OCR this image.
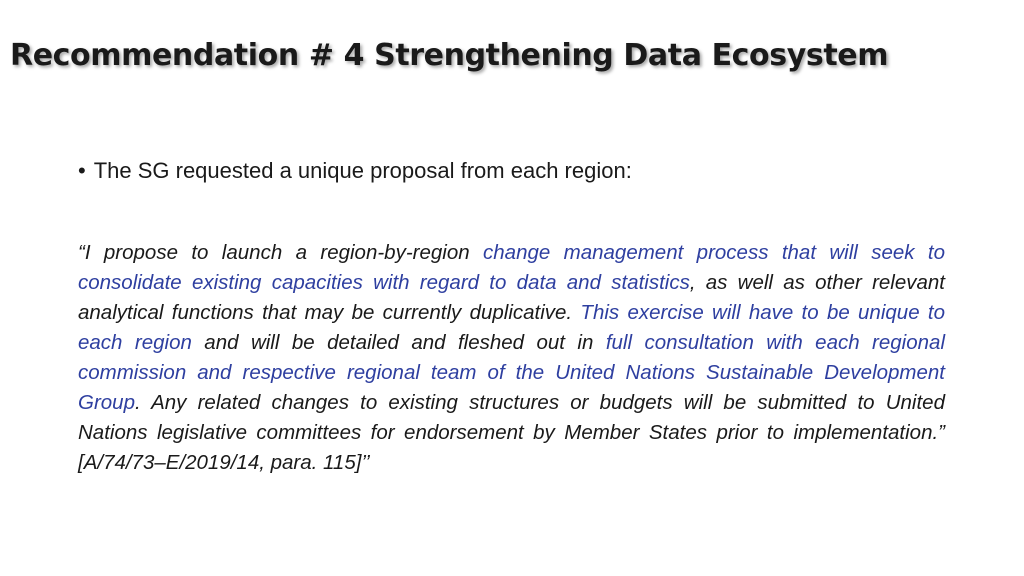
Recommendation # 4 Strengthening Data Ecosystem
• The SG requested a unique proposal from each region:

“I propose to launch a region-by-region change management process that will seek to consolidate existing capacities with regard to data and statistics, as well as other relevant analytical functions that may be currently duplicative. This exercise will have to be unique to each region and will be detailed and fleshed out in full consultation with each regional commission and respective regional team of the United Nations Sustainable Development Group. Any related changes to existing structures or budgets will be submitted to United Nations legislative committees for endorsement by Member States prior to implementation.” [A/74/73–E/2019/14, para. 115]’’
